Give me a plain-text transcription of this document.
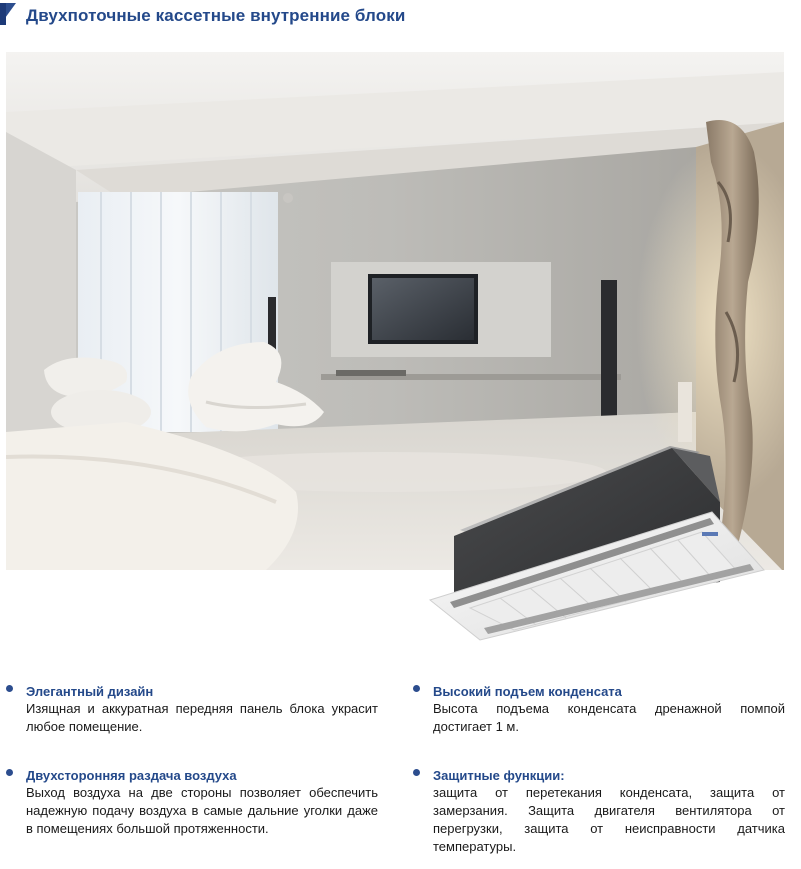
Двухпоточные кассетные внутренние блоки

Элегантный дизайн

Изящная и аккуратная передняя панель блока украсит любое помещение.

Двухсторонняя раздача воздуха

Выход воздуха на две стороны позволяет обеспечить надежную подачу воздуха в самые дальние уголки даже в помещениях большой протяженности.

Высокий подъем конденсата

Высота подъема конденсата дренажной помпой достигает 1 м.

Защитные функции:

защита от перетекания конденсата, защита от замерзания. Защита двигателя вентилятора от перегрузки, защита от неисправности датчика температуры.
